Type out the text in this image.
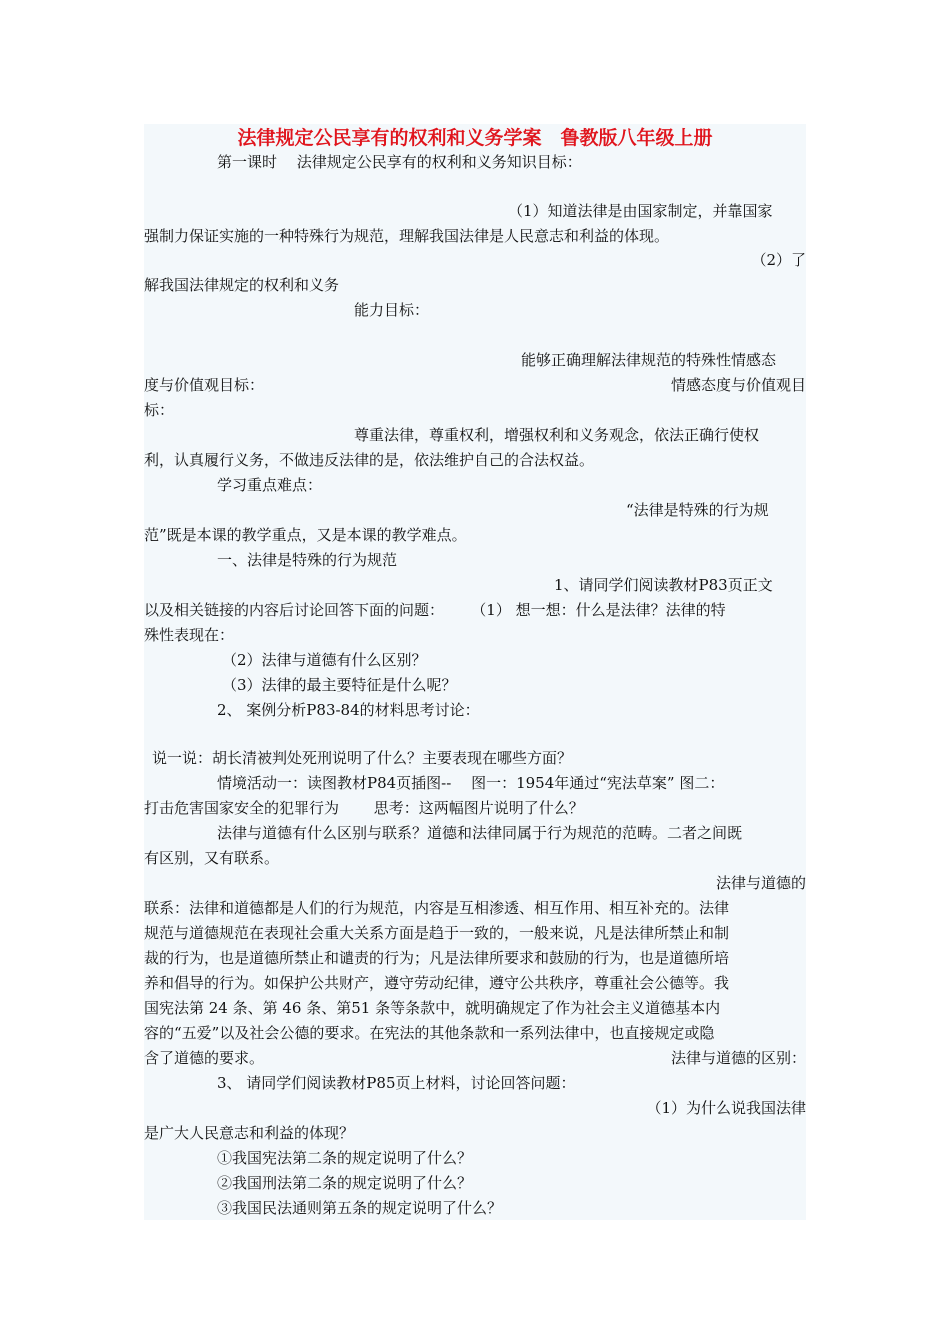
法律规定公民享有的权利和义务学案　鲁教版八年级上册
第一课时　 法律规定公民享有的权利和义务知识目标：
（1）知道法律是由国家制定，并靠国家
强制力保证实施的一种特殊行为规范，理解我国法律是人民意志和利益的体现。
（2）了
解我国法律规定的权利和义务
能力目标：
能够正确理解法律规范的特殊性情感态
度与价值观目标：	情感态度与价值观目
标：
尊重法律，尊重权利，增强权利和义务观念，依法正确行使权
利，认真履行义务，不做违反法律的是，依法维护自己的合法权益。
学习重点难点：
“法律是特殊的行为规
范”既是本课的教学重点，又是本课的教学难点。
一、法律是特殊的行为规范
1、请同学们阅读教材P83页正文
以及相关链接的内容后讨论回答下面的问题：　　 （1） 想一想：什么是法律？法律的特
殊性表现在：
（2）法律与道德有什么区别？
（3）法律的最主要特征是什么呢？
2、 案例分析P83-84的材料思考讨论：
说一说：胡长清被判处死刑说明了什么？主要表现在哪些方面？
情境活动一：读图教材P84页插图--　 图一：1954年通过“宪法草案” 图二：
打击危害国家安全的犯罪行为　　 思考：这两幅图片说明了什么？
法律与道德有什么区别与联系？道德和法律同属于行为规范的范畴。二者之间既
有区别，又有联系。
法律与道德的
联系：法律和道德都是人们的行为规范，内容是互相渗透、相互作用、相互补充的。法律
规范与道德规范在表现社会重大关系方面是趋于一致的，一般来说，凡是法律所禁止和制
裁的行为，也是道德所禁止和谴责的行为；凡是法律所要求和鼓励的行为，也是道德所培
养和倡导的行为。如保护公共财产，遵守劳动纪律，遵守公共秩序，尊重社会公德等。我
国宪法第 24 条、第 46 条、第51 条等条款中，就明确规定了作为社会主义道德基本内
容的“五爱”以及社会公德的要求。在宪法的其他条款和一系列法律中，也直接规定或隐
含了道德的要求。	法律与道德的区别：
3、 请同学们阅读教材P85页上材料，讨论回答问题：
（1）为什么说我国法律
是广大人民意志和利益的体现？
①我国宪法第二条的规定说明了什么？
②我国刑法第二条的规定说明了什么？
③我国民法通则第五条的规定说明了什么？
